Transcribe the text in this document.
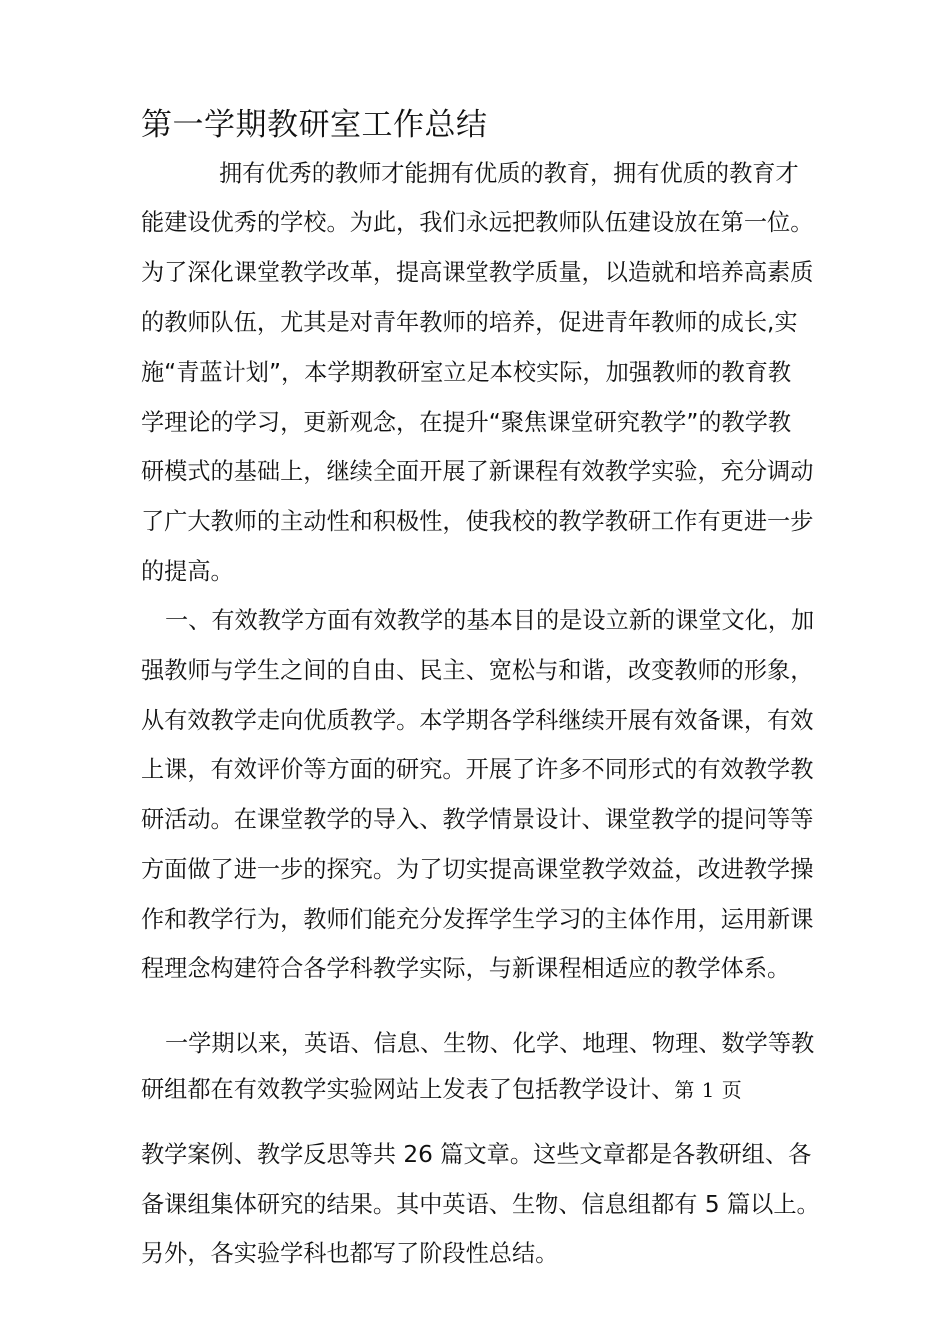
第一学期教研室工作总结
拥有优秀的教师才能拥有优质的教育，拥有优质的教育才
能建设优秀的学校。为此，我们永远把教师队伍建设放在第一位。
为了深化课堂教学改革，提高课堂教学质量，以造就和培养高素质
的教师队伍，尤其是对青年教师的培养，促进青年教师的成长,实
施“青蓝计划”，本学期教研室立足本校实际，加强教师的教育教
学理论的学习，更新观念，在提升“聚焦课堂研究教学”的教学教
研模式的基础上，继续全面开展了新课程有效教学实验，充分调动
了广大教师的主动性和积极性，使我校的教学教研工作有更进一步
的提高。
一、有效教学方面有效教学的基本目的是设立新的课堂文化，加
强教师与学生之间的自由、民主、宽松与和谐，改变教师的形象，
从有效教学走向优质教学。本学期各学科继续开展有效备课，有效
上课，有效评价等方面的研究。开展了许多不同形式的有效教学教
研活动。在课堂教学的导入、教学情景设计、课堂教学的提问等等
方面做了进一步的探究。为了切实提高课堂教学效益，改进教学操
作和教学行为，教师们能充分发挥学生学习的主体作用，运用新课
程理念构建符合各学科教学实际，与新课程相适应的教学体系。
一学期以来，英语、信息、生物、化学、地理、物理、数学等教
研组都在有效教学实验网站上发表了包括教学设计、第 1 页
教学案例、教学反思等共 26 篇文章。这些文章都是各教研组、各
备课组集体研究的结果。其中英语、生物、信息组都有 5 篇以上。
另外，各实验学科也都写了阶段性总结。
